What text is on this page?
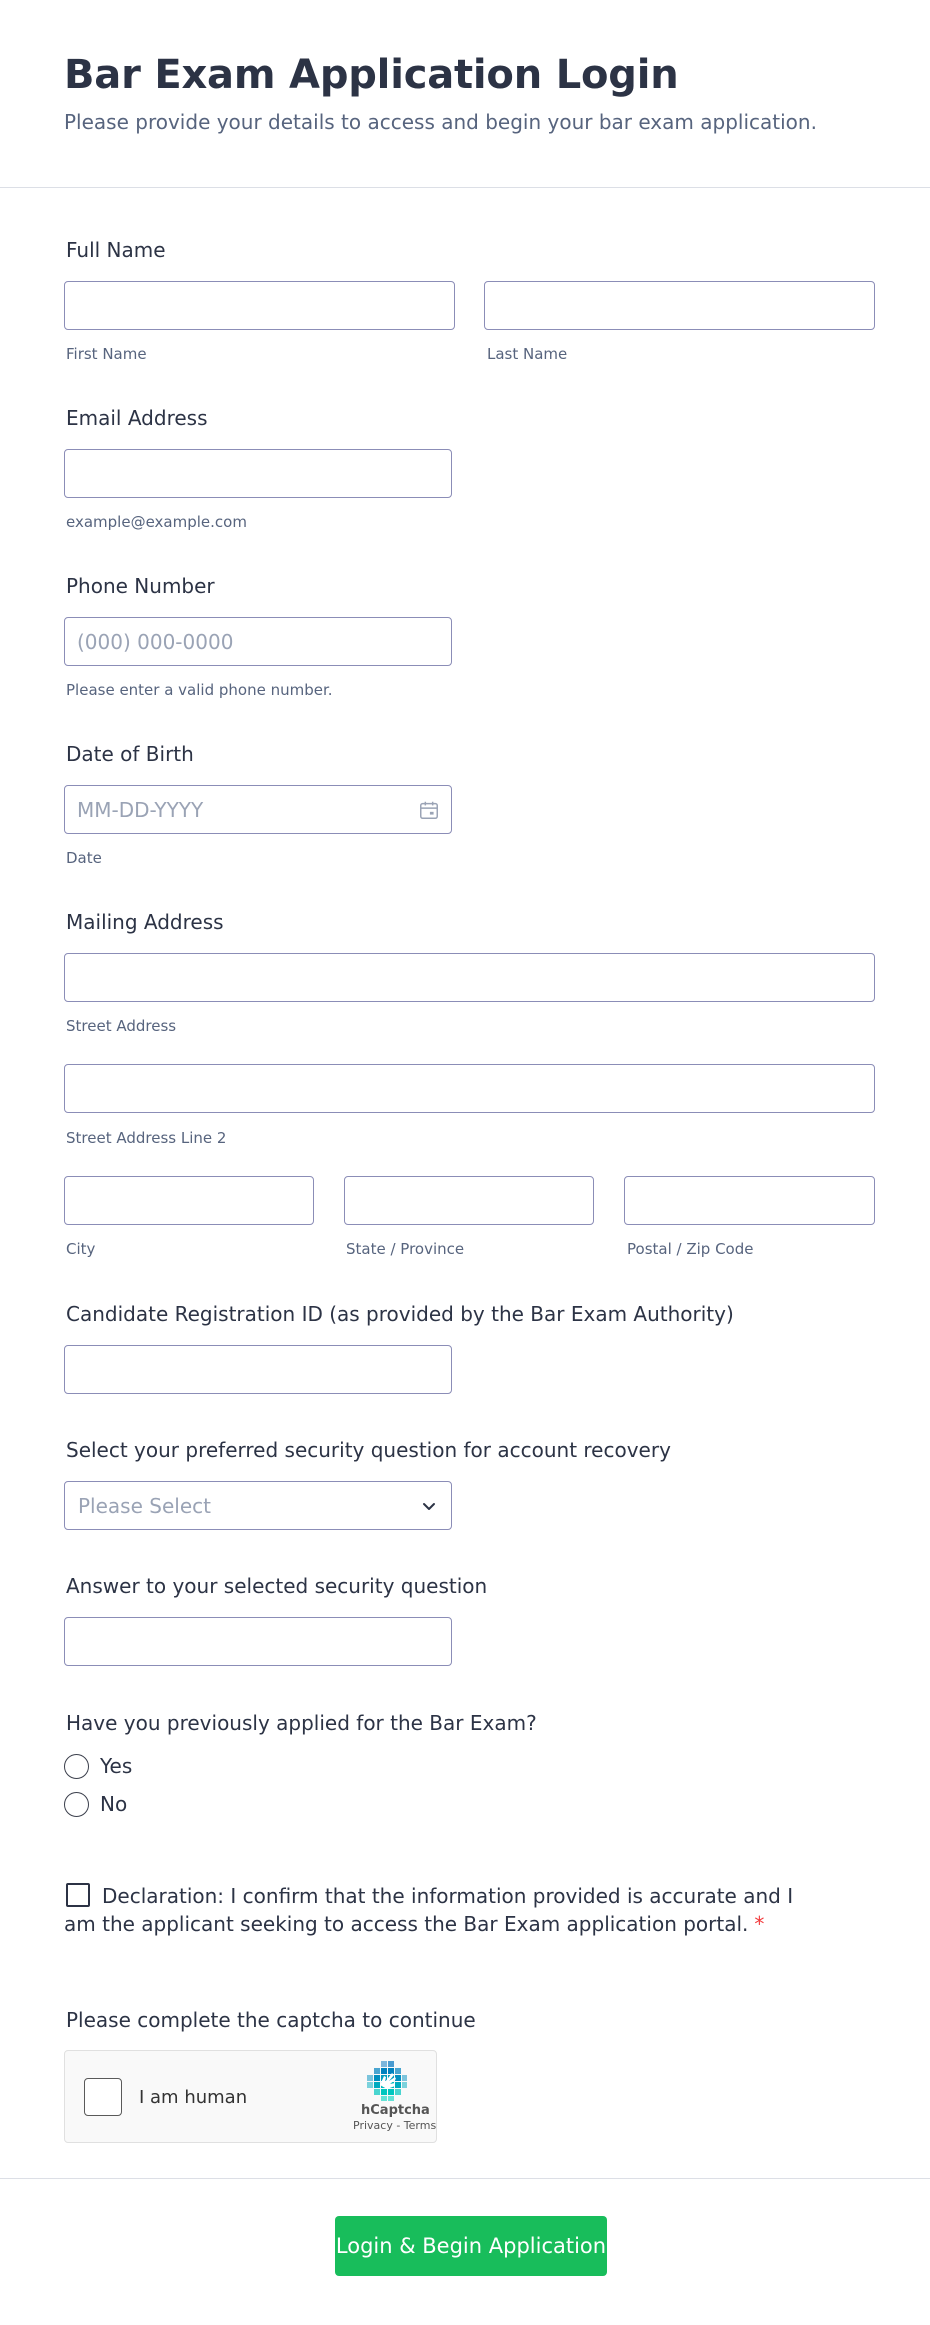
Bar Exam Application Login
Please provide your details to access and begin your bar exam application.
Full Name
First Name	Last Name
Email Address
example@example.com
Phone Number
(000) 000-0000
Please enter a valid phone number.
Date of Birth
MM-DD-YYYY
Date
Mailing Address
Street Address
Street Address Line 2
City	State / Province	Postal / Zip Code
Candidate Registration ID (as provided by the Bar Exam Authority)
Select your preferred security question for account recovery
Please Select
Answer to your selected security question
Have you previously applied for the Bar Exam?
Yes
No
Declaration: I confirm that the information provided is accurate and I am the applicant seeking to access the Bar Exam application portal. *
Please complete the captcha to continue
I am human
hCaptcha
Privacy - Terms
Login & Begin Application
